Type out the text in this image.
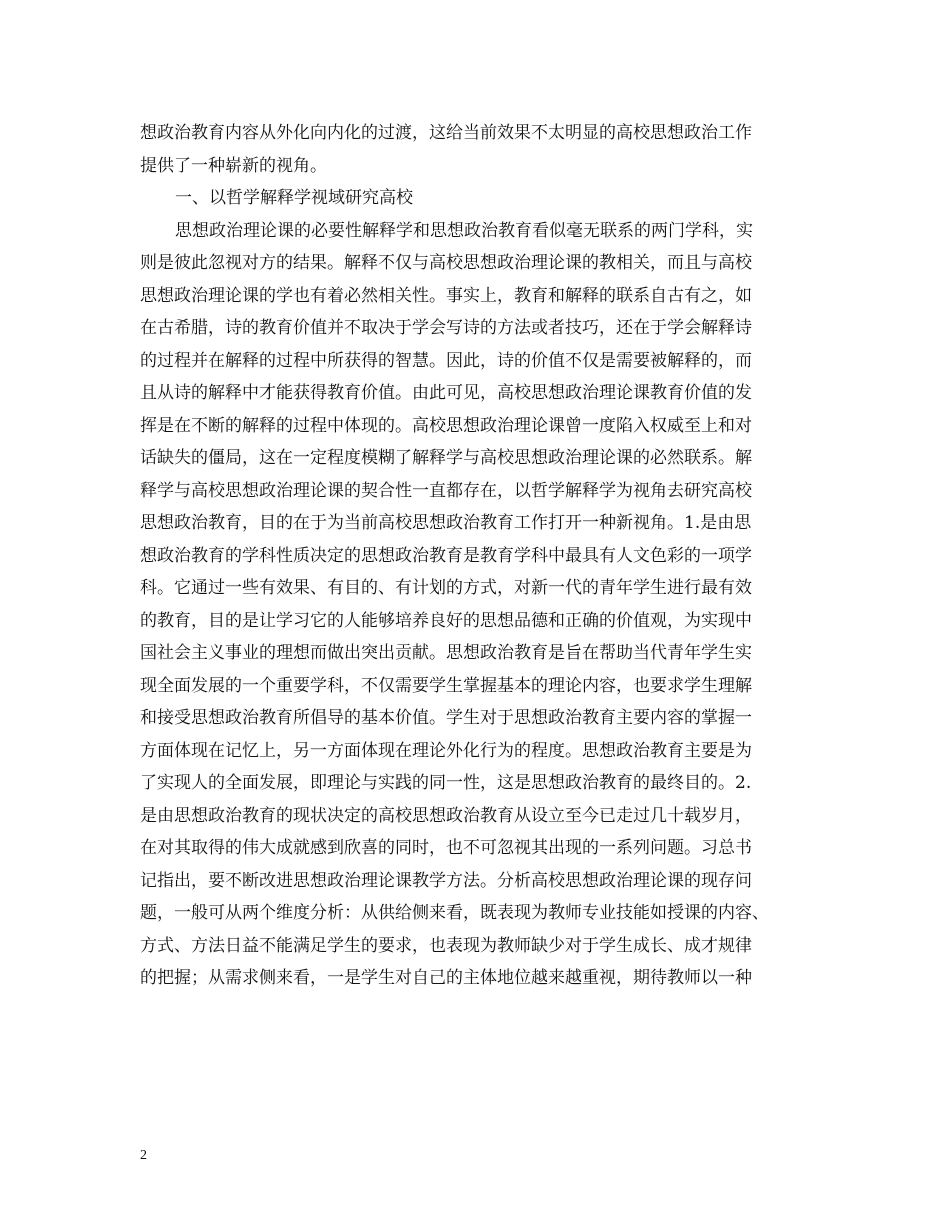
想政治教育内容从外化向内化的过渡，这给当前效果不太明显的高校思想政治工作
提供了一种崭新的视角。
一、以哲学解释学视域研究高校
思想政治理论课的必要性解释学和思想政治教育看似毫无联系的两门学科，实
则是彼此忽视对方的结果。解释不仅与高校思想政治理论课的教相关，而且与高校
思想政治理论课的学也有着必然相关性。事实上，教育和解释的联系自古有之，如
在古希腊，诗的教育价值并不取决于学会写诗的方法或者技巧，还在于学会解释诗
的过程并在解释的过程中所获得的智慧。因此，诗的价值不仅是需要被解释的，而
且从诗的解释中才能获得教育价值。由此可见，高校思想政治理论课教育价值的发
挥是在不断的解释的过程中体现的。高校思想政治理论课曾一度陷入权威至上和对
话缺失的僵局，这在一定程度模糊了解释学与高校思想政治理论课的必然联系。解
释学与高校思想政治理论课的契合性一直都存在，以哲学解释学为视角去研究高校
思想政治教育，目的在于为当前高校思想政治教育工作打开一种新视角。1.是由思
想政治教育的学科性质决定的思想政治教育是教育学科中最具有人文色彩的一项学
科。它通过一些有效果、有目的、有计划的方式，对新一代的青年学生进行最有效
的教育，目的是让学习它的人能够培养良好的思想品德和正确的价值观，为实现中
国社会主义事业的理想而做出突出贡献。思想政治教育是旨在帮助当代青年学生实
现全面发展的一个重要学科，不仅需要学生掌握基本的理论内容，也要求学生理解
和接受思想政治教育所倡导的基本价值。学生对于思想政治教育主要内容的掌握一
方面体现在记忆上，另一方面体现在理论外化行为的程度。思想政治教育主要是为
了实现人的全面发展，即理论与实践的同一性，这是思想政治教育的最终目的。2.
是由思想政治教育的现状决定的高校思想政治教育从设立至今已走过几十载岁月，
在对其取得的伟大成就感到欣喜的同时，也不可忽视其出现的一系列问题。习总书
记指出，要不断改进思想政治理论课教学方法。分析高校思想政治理论课的现存问
题，一般可从两个维度分析：从供给侧来看，既表现为教师专业技能如授课的内容、
方式、方法日益不能满足学生的要求，也表现为教师缺少对于学生成长、成才规律
的把握；从需求侧来看，一是学生对自己的主体地位越来越重视，期待教师以一种
2
